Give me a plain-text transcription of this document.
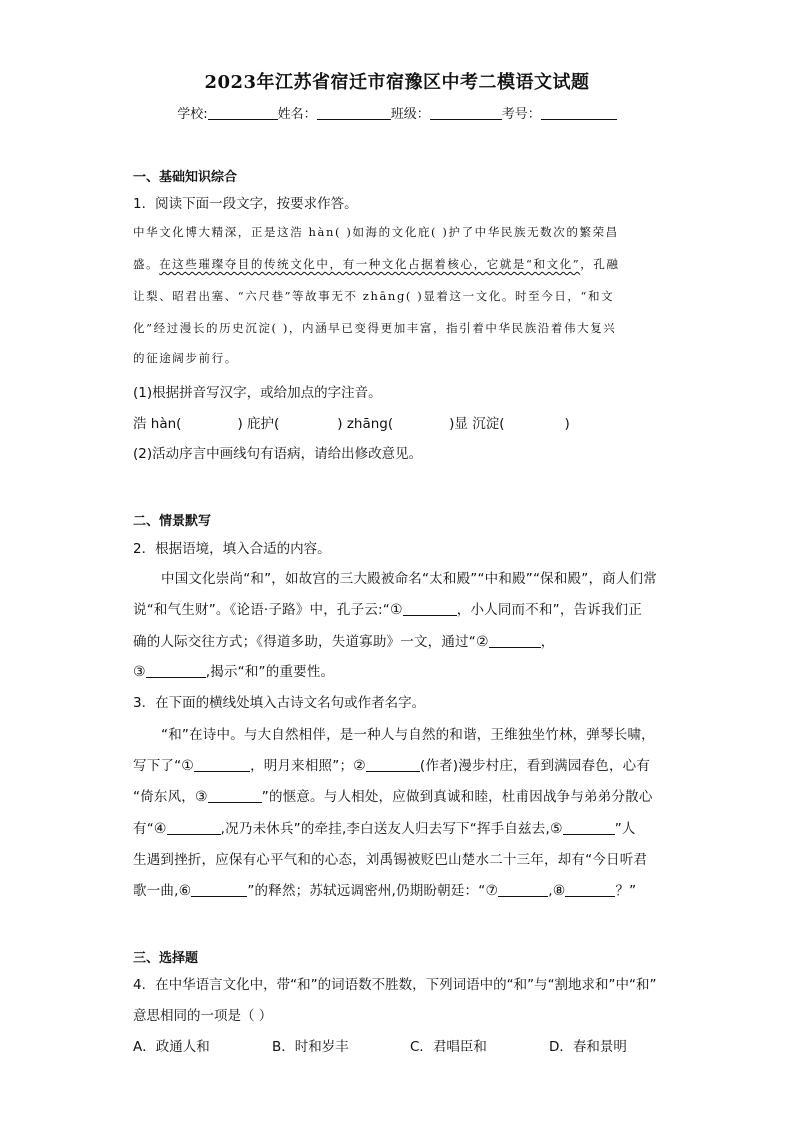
2023年江苏省宿迁市宿豫区中考二模语文试题
学校:	姓名：	班级：	考号：
一、基础知识综合
1．阅读下面一段文字，按要求作答。
中华文化博大精深，正是这浩 hàn( )如海的文化庇( )护了中华民族无数次的繁荣昌
盛。在这些璀璨夺目的传统文化中，有一种文化占据着核心，它就是“和文化”，孔融
让梨、昭君出塞、“六尺巷”等故事无不 zhāng( )显着这一文化。时至今日，“和文
化”经过漫长的历史沉淀( )，内涵早已变得更加丰富，指引着中华民族沿着伟大复兴
的征途阔步前行。
(1)根据拼音写汉字，或给加点的字注音。
浩 hàn(	) 庇护(	) zhāng(	)显 沉淀(	)
(2)活动序言中画线句有语病，请给出修改意见。
二、情景默写
2．根据语境，填入合适的内容。
中国文化崇尚“和”，如故宫的三大殿被命名“太和殿”“中和殿”“保和殿”，商人们常
说“和气生财”。《论语·子路》中，孔子云:“①	，小人同而不和”，告诉我们正
确的人际交往方式；《得道多助，失道寡助》一文，通过“②	，
③	,揭示“和”的重要性。
3．在下面的横线处填入古诗文名句或作者名字。
“和”在诗中。与大自然相伴，是一种人与自然的和谐，王维独坐竹林，弹琴长啸，
写下了“①	，明月来相照”；②	(作者)漫步村庄，看到满园春色，心有
“倚东风，③	”的惬意。与人相处，应做到真诚和睦，杜甫因战争与弟弟分散心
有“④	,况乃未休兵”的牵挂,李白送友人归去写下“挥手自兹去,⑤	”人
生遇到挫折，应保有心平气和的心态，刘禹锡被贬巴山楚水二十三年，却有“今日听君
歌一曲,⑥	”的释然；苏轼远调密州,仍期盼朝廷：“⑦	,⑧	？”
三、选择题
4．在中华语言文化中，带“和”的词语数不胜数，下列词语中的“和”与“割地求和”中“和”
意思相同的一项是（ ）
A．政通人和	B．时和岁丰	C．君唱臣和	D．春和景明
